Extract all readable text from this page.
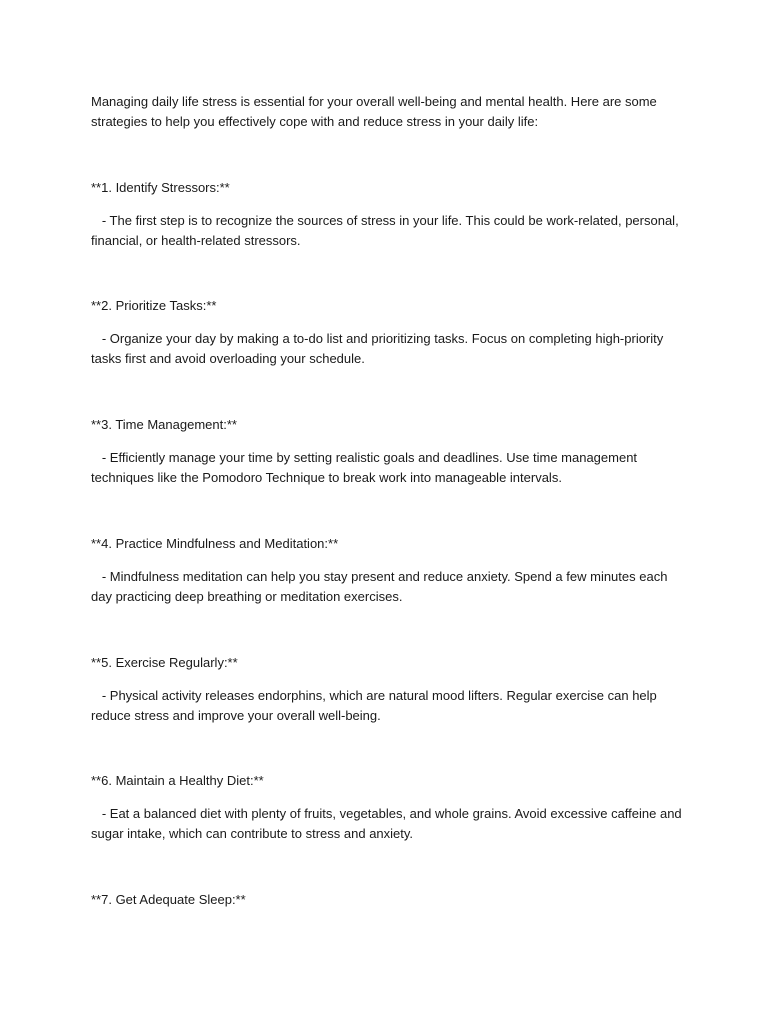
Managing daily life stress is essential for your overall well-being and mental health. Here are some strategies to help you effectively cope with and reduce stress in your daily life:

**1. Identify Stressors:**

- The first step is to recognize the sources of stress in your life. This could be work-related, personal, financial, or health-related stressors.

**2. Prioritize Tasks:**

- Organize your day by making a to-do list and prioritizing tasks. Focus on completing high-priority tasks first and avoid overloading your schedule.

**3. Time Management:**

- Efficiently manage your time by setting realistic goals and deadlines. Use time management techniques like the Pomodoro Technique to break work into manageable intervals.

**4. Practice Mindfulness and Meditation:**

- Mindfulness meditation can help you stay present and reduce anxiety. Spend a few minutes each day practicing deep breathing or meditation exercises.

**5. Exercise Regularly:**

- Physical activity releases endorphins, which are natural mood lifters. Regular exercise can help reduce stress and improve your overall well-being.

**6. Maintain a Healthy Diet:**

- Eat a balanced diet with plenty of fruits, vegetables, and whole grains. Avoid excessive caffeine and sugar intake, which can contribute to stress and anxiety.

**7. Get Adequate Sleep:**
